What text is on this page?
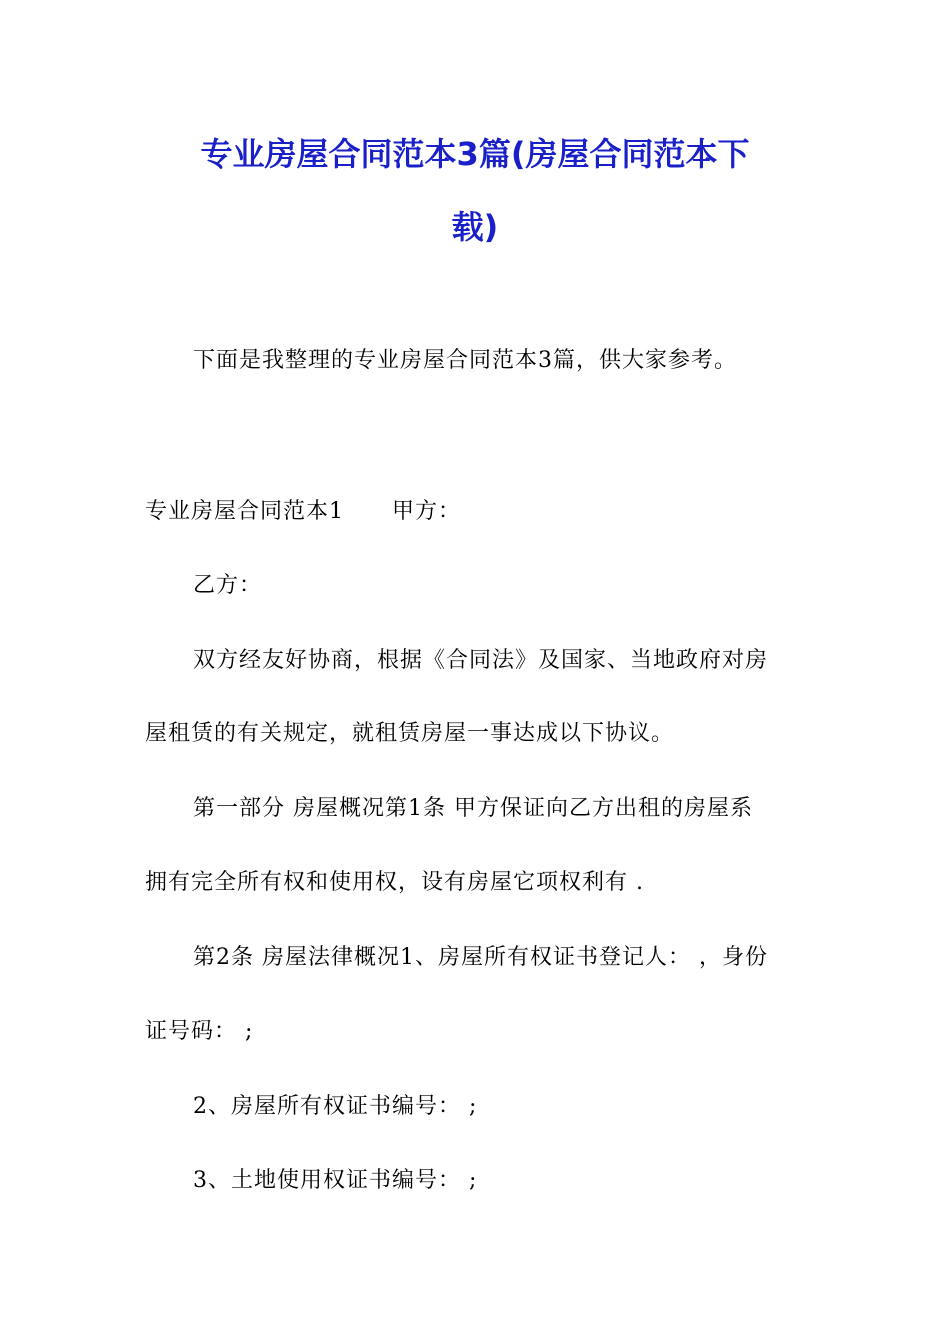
专业房屋合同范本3篇(房屋合同范本下
载)
下面是我整理的专业房屋合同范本3篇，供大家参考。
专业房屋合同范本1 甲方：
乙方：
双方经友好协商，根据《合同法》及国家、当地政府对房
屋租赁的有关规定，就租赁房屋一事达成以下协议。
第一部分 房屋概况第1条 甲方保证向乙方出租的房屋系
拥有完全所有权和使用权，设有房屋它项权利有 .
第2条 房屋法律概况1、房屋所有权证书登记人： ，身份
证号码： ;
2、房屋所有权证书编号： ;
3、土地使用权证书编号： ;
